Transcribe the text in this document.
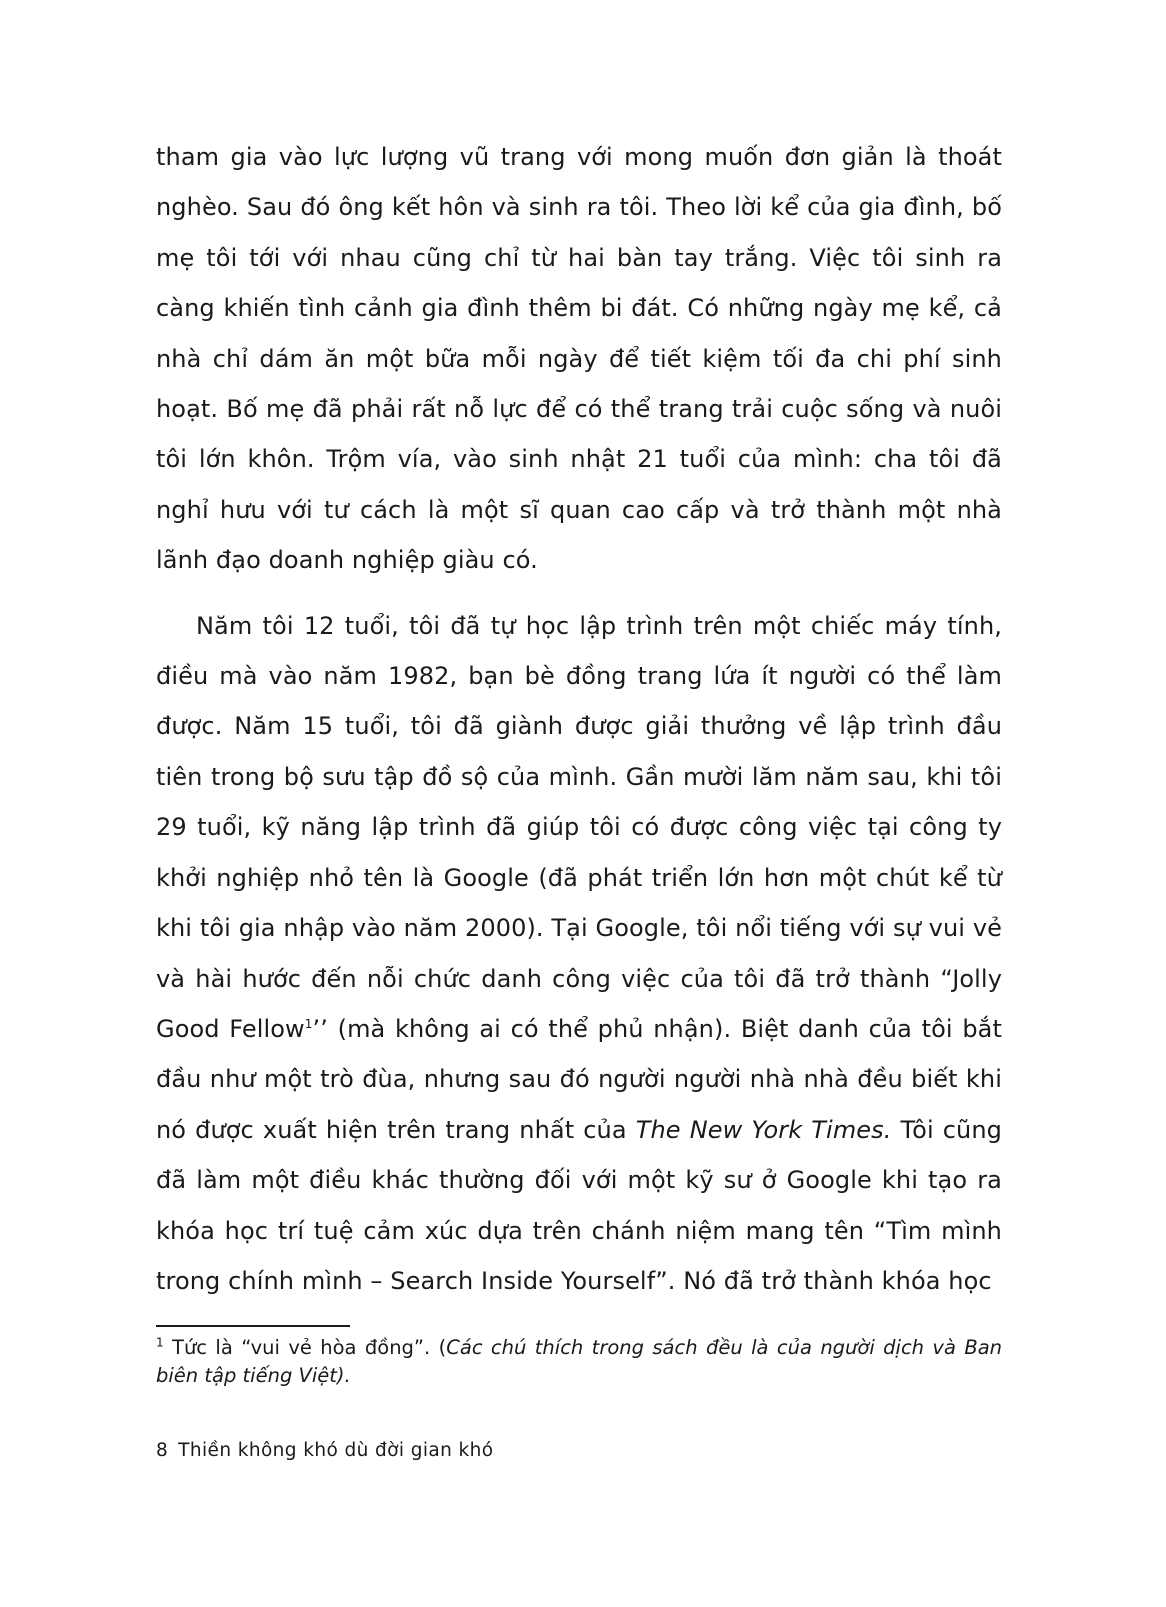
tham gia vào lực lượng vũ trang với mong muốn đơn giản là thoát nghèo. Sau đó ông kết hôn và sinh ra tôi. Theo lời kể của gia đình, bố mẹ tôi tới với nhau cũng chỉ từ hai bàn tay trắng. Việc tôi sinh ra càng khiến tình cảnh gia đình thêm bi đát. Có những ngày mẹ kể, cả nhà chỉ dám ăn một bữa mỗi ngày để tiết kiệm tối đa chi phí sinh hoạt. Bố mẹ đã phải rất nỗ lực để có thể trang trải cuộc sống và nuôi tôi lớn khôn. Trộm vía, vào sinh nhật 21 tuổi của mình: cha tôi đã nghỉ hưu với tư cách là một sĩ quan cao cấp và trở thành một nhà lãnh đạo doanh nghiệp giàu có.

Năm tôi 12 tuổi, tôi đã tự học lập trình trên một chiếc máy tính, điều mà vào năm 1982, bạn bè đồng trang lứa ít người có thể làm được. Năm 15 tuổi, tôi đã giành được giải thưởng về lập trình đầu tiên trong bộ sưu tập đồ sộ của mình. Gần mười lăm năm sau, khi tôi 29 tuổi, kỹ năng lập trình đã giúp tôi có được công việc tại công ty khởi nghiệp nhỏ tên là Google (đã phát triển lớn hơn một chút kể từ khi tôi gia nhập vào năm 2000). Tại Google, tôi nổi tiếng với sự vui vẻ và hài hước đến nỗi chức danh công việc của tôi đã trở thành “Jolly Good Fellow$^1$’’ (mà không ai có thể phủ nhận). Biệt danh của tôi bắt đầu như một trò đùa, nhưng sau đó người người nhà nhà đều biết khi nó được xuất hiện trên trang nhất của The New York Times. Tôi cũng đã làm một điều khác thường đối với một kỹ sư ở Google khi tạo ra khóa học trí tuệ cảm xúc dựa trên chánh niệm mang tên “Tìm mình trong chính mình – Search Inside Yourself”. Nó đã trở thành khóa học

$^1$ Tức là “vui vẻ hòa đồng”. (Các chú thích trong sách đều là của người dịch và Ban biên tập tiếng Việt).
8 Thiền không khó dù đời gian khó
